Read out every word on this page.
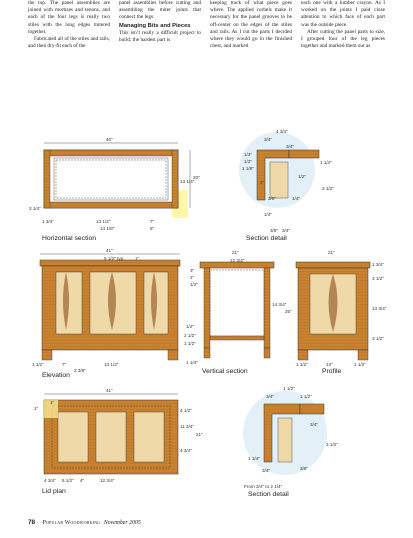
the top. The panel assemblies are joined with mortises and tenons, and each of the four legs is really two stiles with the long edges mitered together.

Fabricated all of the stiles and rails, and then dry-fit each of the

panel assemblies before cutting and assembling the miter joints that connect the legs.

Managing Bits and Pieces

This isn’t really a difficult project to build; the hardest part is

keeping track of what piece goes where. The applied corbels make it necessary for the panel grooves to be off-center on the edges of the stiles and rails. As I cut the parts I decided where they would go in the finished chest, and marked

each one with a lumber crayon. As I worked on the joints I paid close attention to which face of each part was the outside piece.

After cutting the panel parts to size, I grouped four of the leg pieces together and marked them out as

40"
20"
13 1/4"
3 1/4"
1 3/4"	13 1/2"	7"
14 1/8"	8"
4 3/4"
3/4"
3/4"
1/2"
1/2"
1 1/8"
1 1/4"
1/2"
3 1/2"
2"
3/8"
1/4"
1/4"
3/8" 3/4"
41"
5 1/2" typ. 1"
1 1/2"	7"	13 1/2"
2 3/8"
21"
12 3/4"
3"
1"
1/2"
14 3/4"
25"
1/2"
2 1/2"
1 1/2"
1 1/4"
21"
1 3/4"
3 1/2"
13 3/4"
3 1/2"
1 1/2"	13"	1 1/2"
41"
1"
1"
4 1/2"
11 3/4"
21"
4 3/4"
4 3/4" 5 1/2" 4"	12 3/4"
1 1/2"
3/4"	1 1/2"
3/4"
3 1/2"
1 1/4"
3/4"	3/8"
From 3/4" to 2 1/4"
Horizontal section	Section detail
Elevation
Vertical section	Profile
Lid plan	Section detail
78 Popular Woodworking November 2005
